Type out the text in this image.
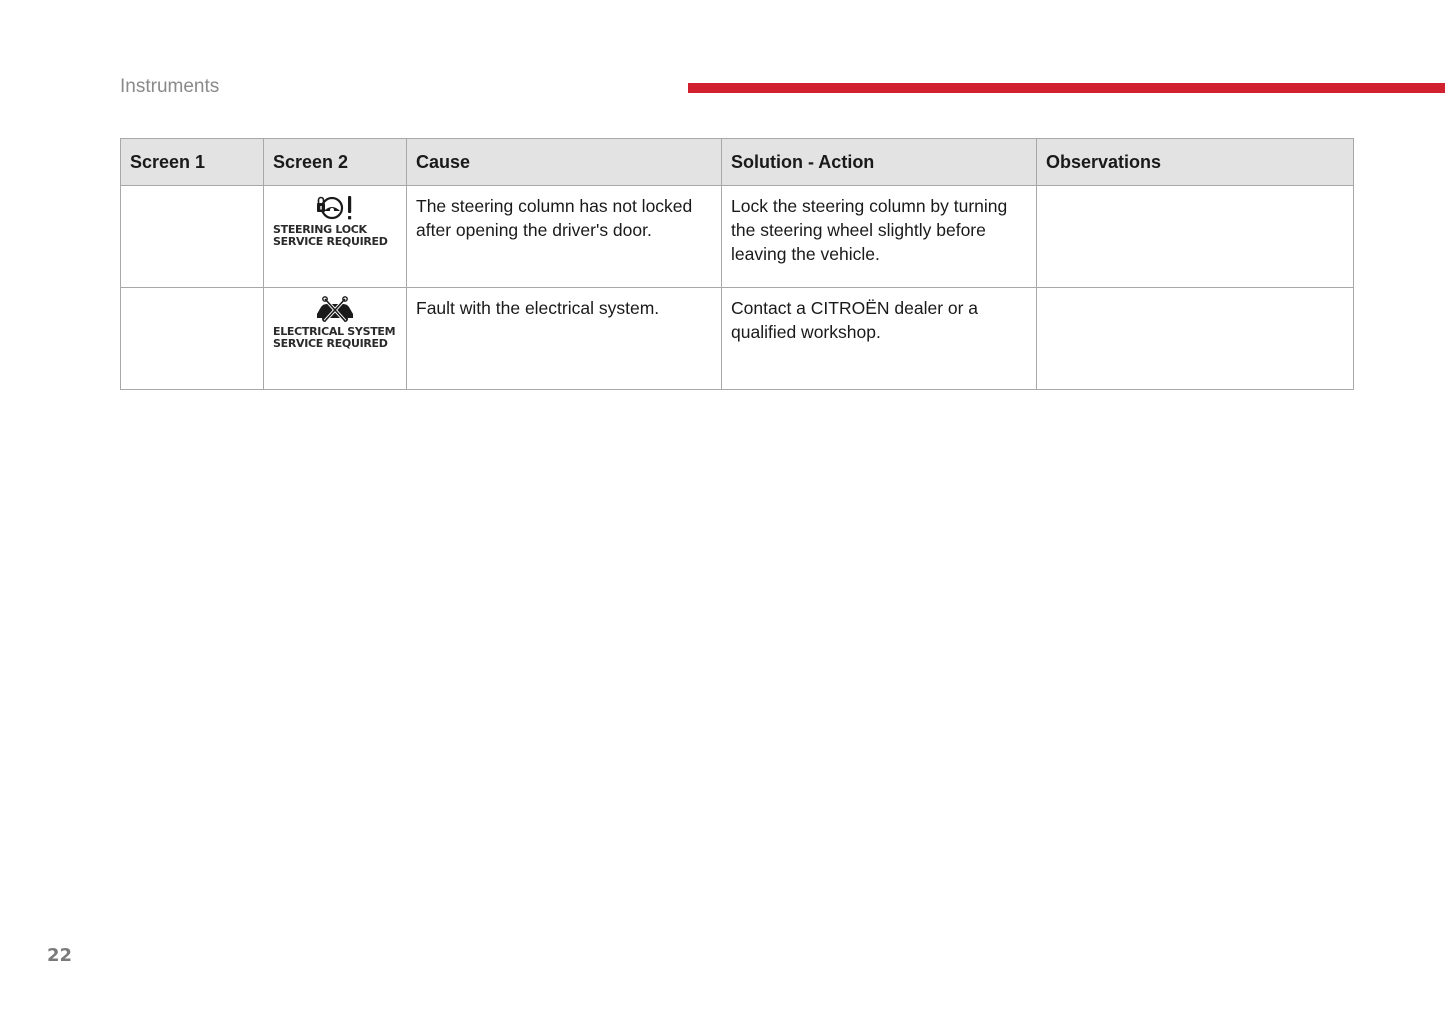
Instruments
Screen 1	Screen 2	Cause	Solution - Action	Observations

	STEERING LOCK
SERVICE REQUIRED	The steering column has not locked after opening the driver's door.	Lock the steering column by turning the steering wheel slightly before leaving the vehicle.	

	ELECTRICAL SYSTEM
SERVICE REQUIRED	Fault with the electrical system.	Contact a CITROËN dealer or a qualified workshop.	
22
